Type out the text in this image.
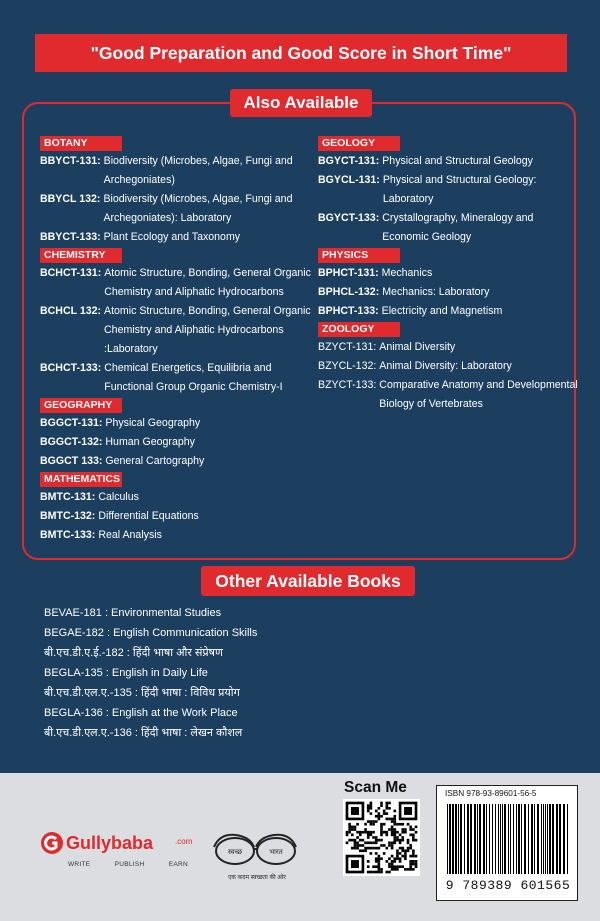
"Good Preparation and Good Score in Short Time"
Also Available
BOTANY
BBYCT-131: Biodiversity (Microbes, Algae, Fungi and Archegoniates)
BBYCL 132: Biodiversity (Microbes, Algae, Fungi and Archegoniates): Laboratory
BBYCT-133: Plant Ecology and Taxonomy
CHEMISTRY
BCHCT-131: Atomic Structure, Bonding, General Organic Chemistry and Aliphatic Hydrocarbons
BCHCL 132: Atomic Structure, Bonding, General Organic Chemistry and Aliphatic Hydrocarbons :Laboratory
BCHCT-133: Chemical Energetics, Equilibria and Functional Group Organic Chemistry-I
GEOGRAPHY
BGGCT-131: Physical Geography
BGGCT-132: Human Geography
BGGCT 133: General Cartography
MATHEMATICS
BMTC-131: Calculus
BMTC-132: Differential Equations
BMTC-133: Real Analysis
GEOLOGY
BGYCT-131: Physical and Structural Geology
BGYCL-131: Physical and Structural Geology: Laboratory
BGYCT-133: Crystallography, Mineralogy and Economic Geology
PHYSICS
BPHCT-131: Mechanics
BPHCL-132: Mechanics: Laboratory
BPHCT-133: Electricity and Magnetism
ZOOLOGY
BZYCT-131: Animal Diversity
BZYCL-132: Animal Diversity: Laboratory
BZYCT-133: Comparative Anatomy and Developmental Biology of Vertebrates
Other Available Books
BEVAE-181 : Environmental Studies
BEGAE-182 : English Communication Skills
बी.एच.डी.ए.ई.-182 : हिंदी भाषा और संप्रेषण
BEGLA-135 : English in Daily Life
बी.एच.डी.एल.ए.-135 : हिंदी भाषा : विविध प्रयोग
BEGLA-136 : English at the Work Place
बी.एच.डी.एल.ए.-136 : हिंदी भाषा : लेखन कौशल
Gullybaba	.com
WRITE	PUBLISH	EARN
स्वच्छ	भारत
एक कदम स्वच्छता की ओर
Scan Me	ISBN 978-93-89601-56-5
9 789389 601565
